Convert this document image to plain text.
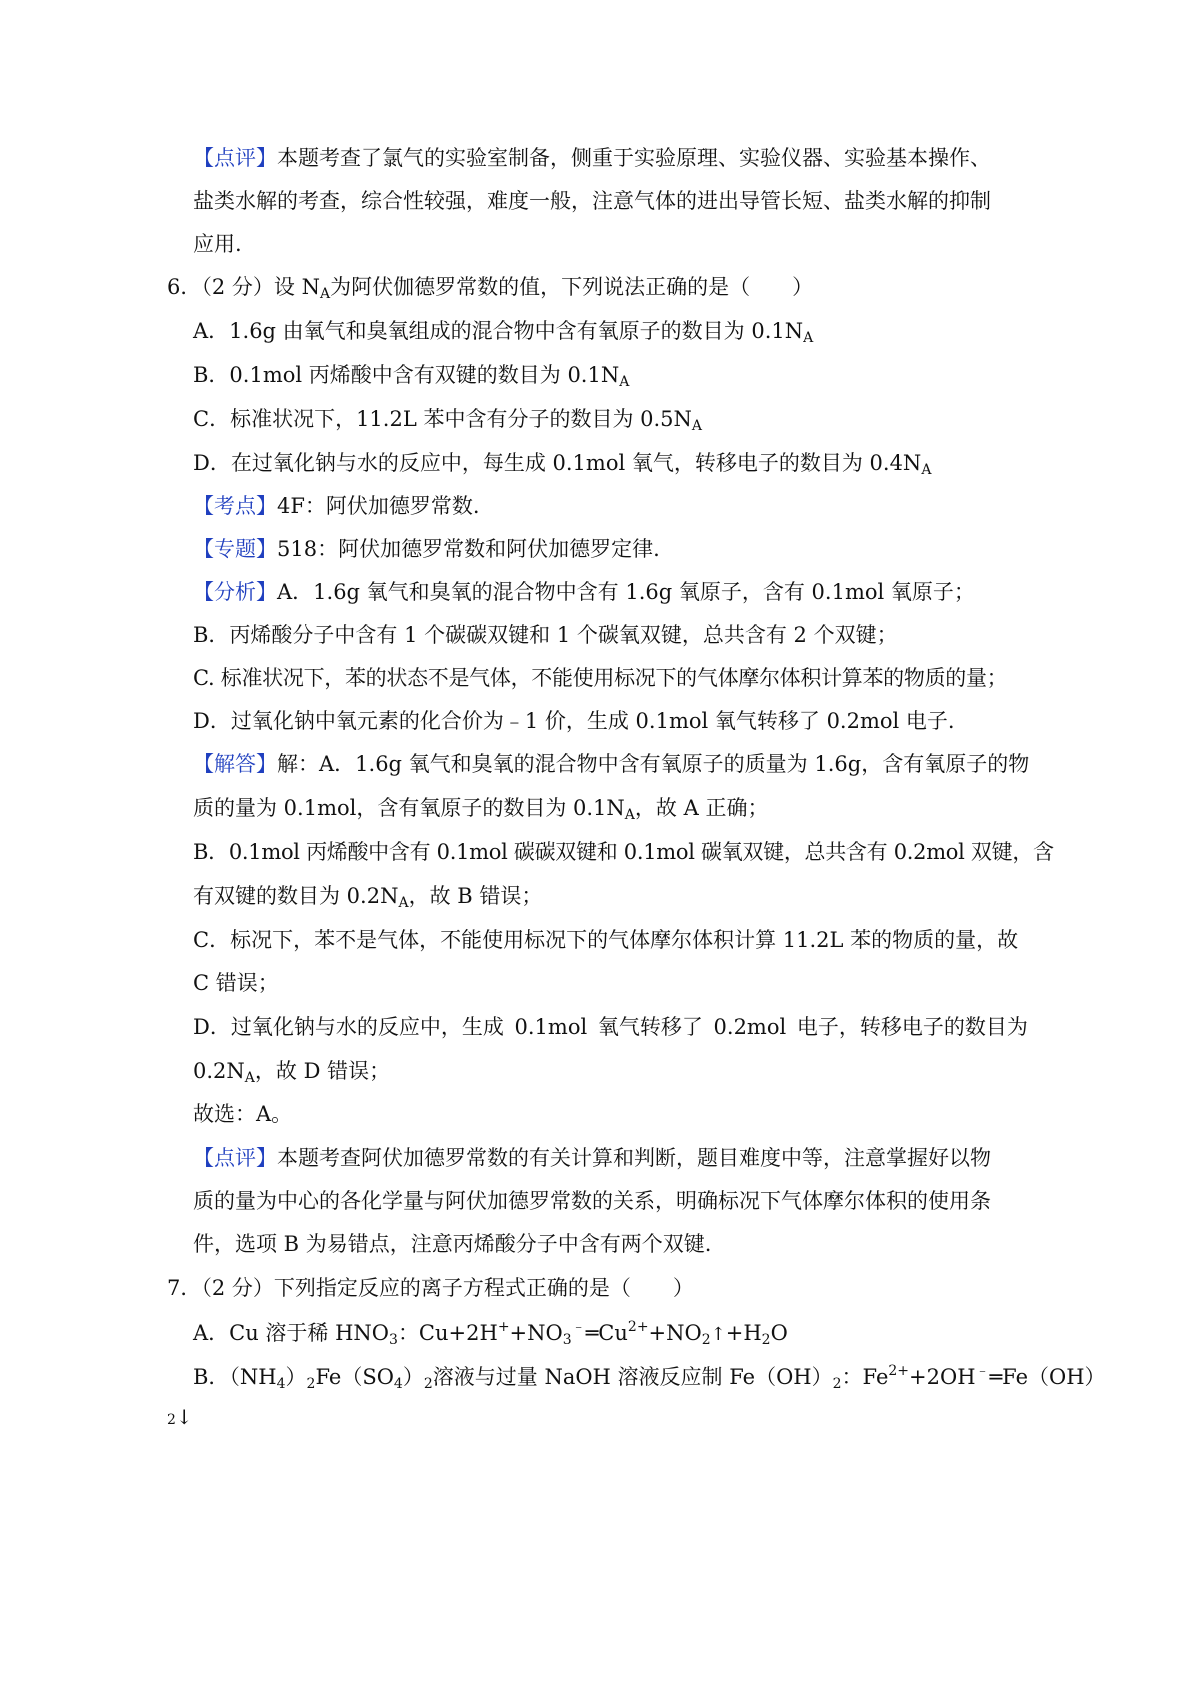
【点评】本题考查了氯气的实验室制备，侧重于实验原理、实验仪器、实验基本操作、
盐类水解的考查，综合性较强，难度一般，注意气体的进出导管长短、盐类水解的抑制
应用.
6．（2 分）设 $N_A$为阿伏伽德罗常数的值，下列说法正确的是（　　）
A．1.6g 由氧气和臭氧组成的混合物中含有氧原子的数目为 $0.1N_A$
B．0.1mol 丙烯酸中含有双键的数目为 $0.1N_A$
C．标准状况下，11.2L 苯中含有分子的数目为 $0.5N_A$
D．在过氧化钠与水的反应中，每生成 0.1mol 氧气，转移电子的数目为 $0.4N_A$
【考点】4F：阿伏加德罗常数.
【专题】518：阿伏加德罗常数和阿伏加德罗定律.
【分析】A．1.6g 氧气和臭氧的混合物中含有 1.6g 氧原子，含有 0.1mol 氧原子；
B．丙烯酸分子中含有 1 个碳碳双键和 1 个碳氧双键，总共含有 2 个双键；
C. 标准状况下，苯的状态不是气体，不能使用标况下的气体摩尔体积计算苯的物质的量；
D．过氧化钠中氧元素的化合价为﹣1 价，生成 0.1mol 氧气转移了 0.2mol 电子.
【解答】解：A．1.6g 氧气和臭氧的混合物中含有氧原子的质量为 1.6g，含有氧原子的物
质的量为 0.1mol，含有氧原子的数目为 $0.1N_A$，故 A 正确；
B．0.1mol 丙烯酸中含有 0.1mol 碳碳双键和 0.1mol 碳氧双键，总共含有 0.2mol 双键，含
有双键的数目为 $0.2N_A$，故 B 错误；
C．标况下，苯不是气体，不能使用标况下的气体摩尔体积计算 11.2L 苯的物质的量，故
C 错误；
D．过氧化钠与水的反应中，生成 0.1mol 氧气转移了 0.2mol 电子，转移电子的数目为
$0.2N_A$，故 D 错误；
故选：A。
【点评】本题考查阿伏加德罗常数的有关计算和判断，题目难度中等，注意掌握好以物
质的量为中心的各化学量与阿伏加德罗常数的关系，明确标况下气体摩尔体积的使用条
件，选项 B 为易错点，注意丙烯酸分子中含有两个双键.
7．（2 分）下列指定反应的离子方程式正确的是（　　）
A．Cu 溶于稀 $HNO_3$：$Cu+2H^++NO_3^﹣═Cu^{2+}+NO_2↑+H_2O$
B．$(NH_4)_2Fe(SO_4)_2$溶液与过量 NaOH 溶液反应制 $Fe(OH)_2$：$Fe^{2+}+2OH^﹣═Fe(OH)$
2↓
